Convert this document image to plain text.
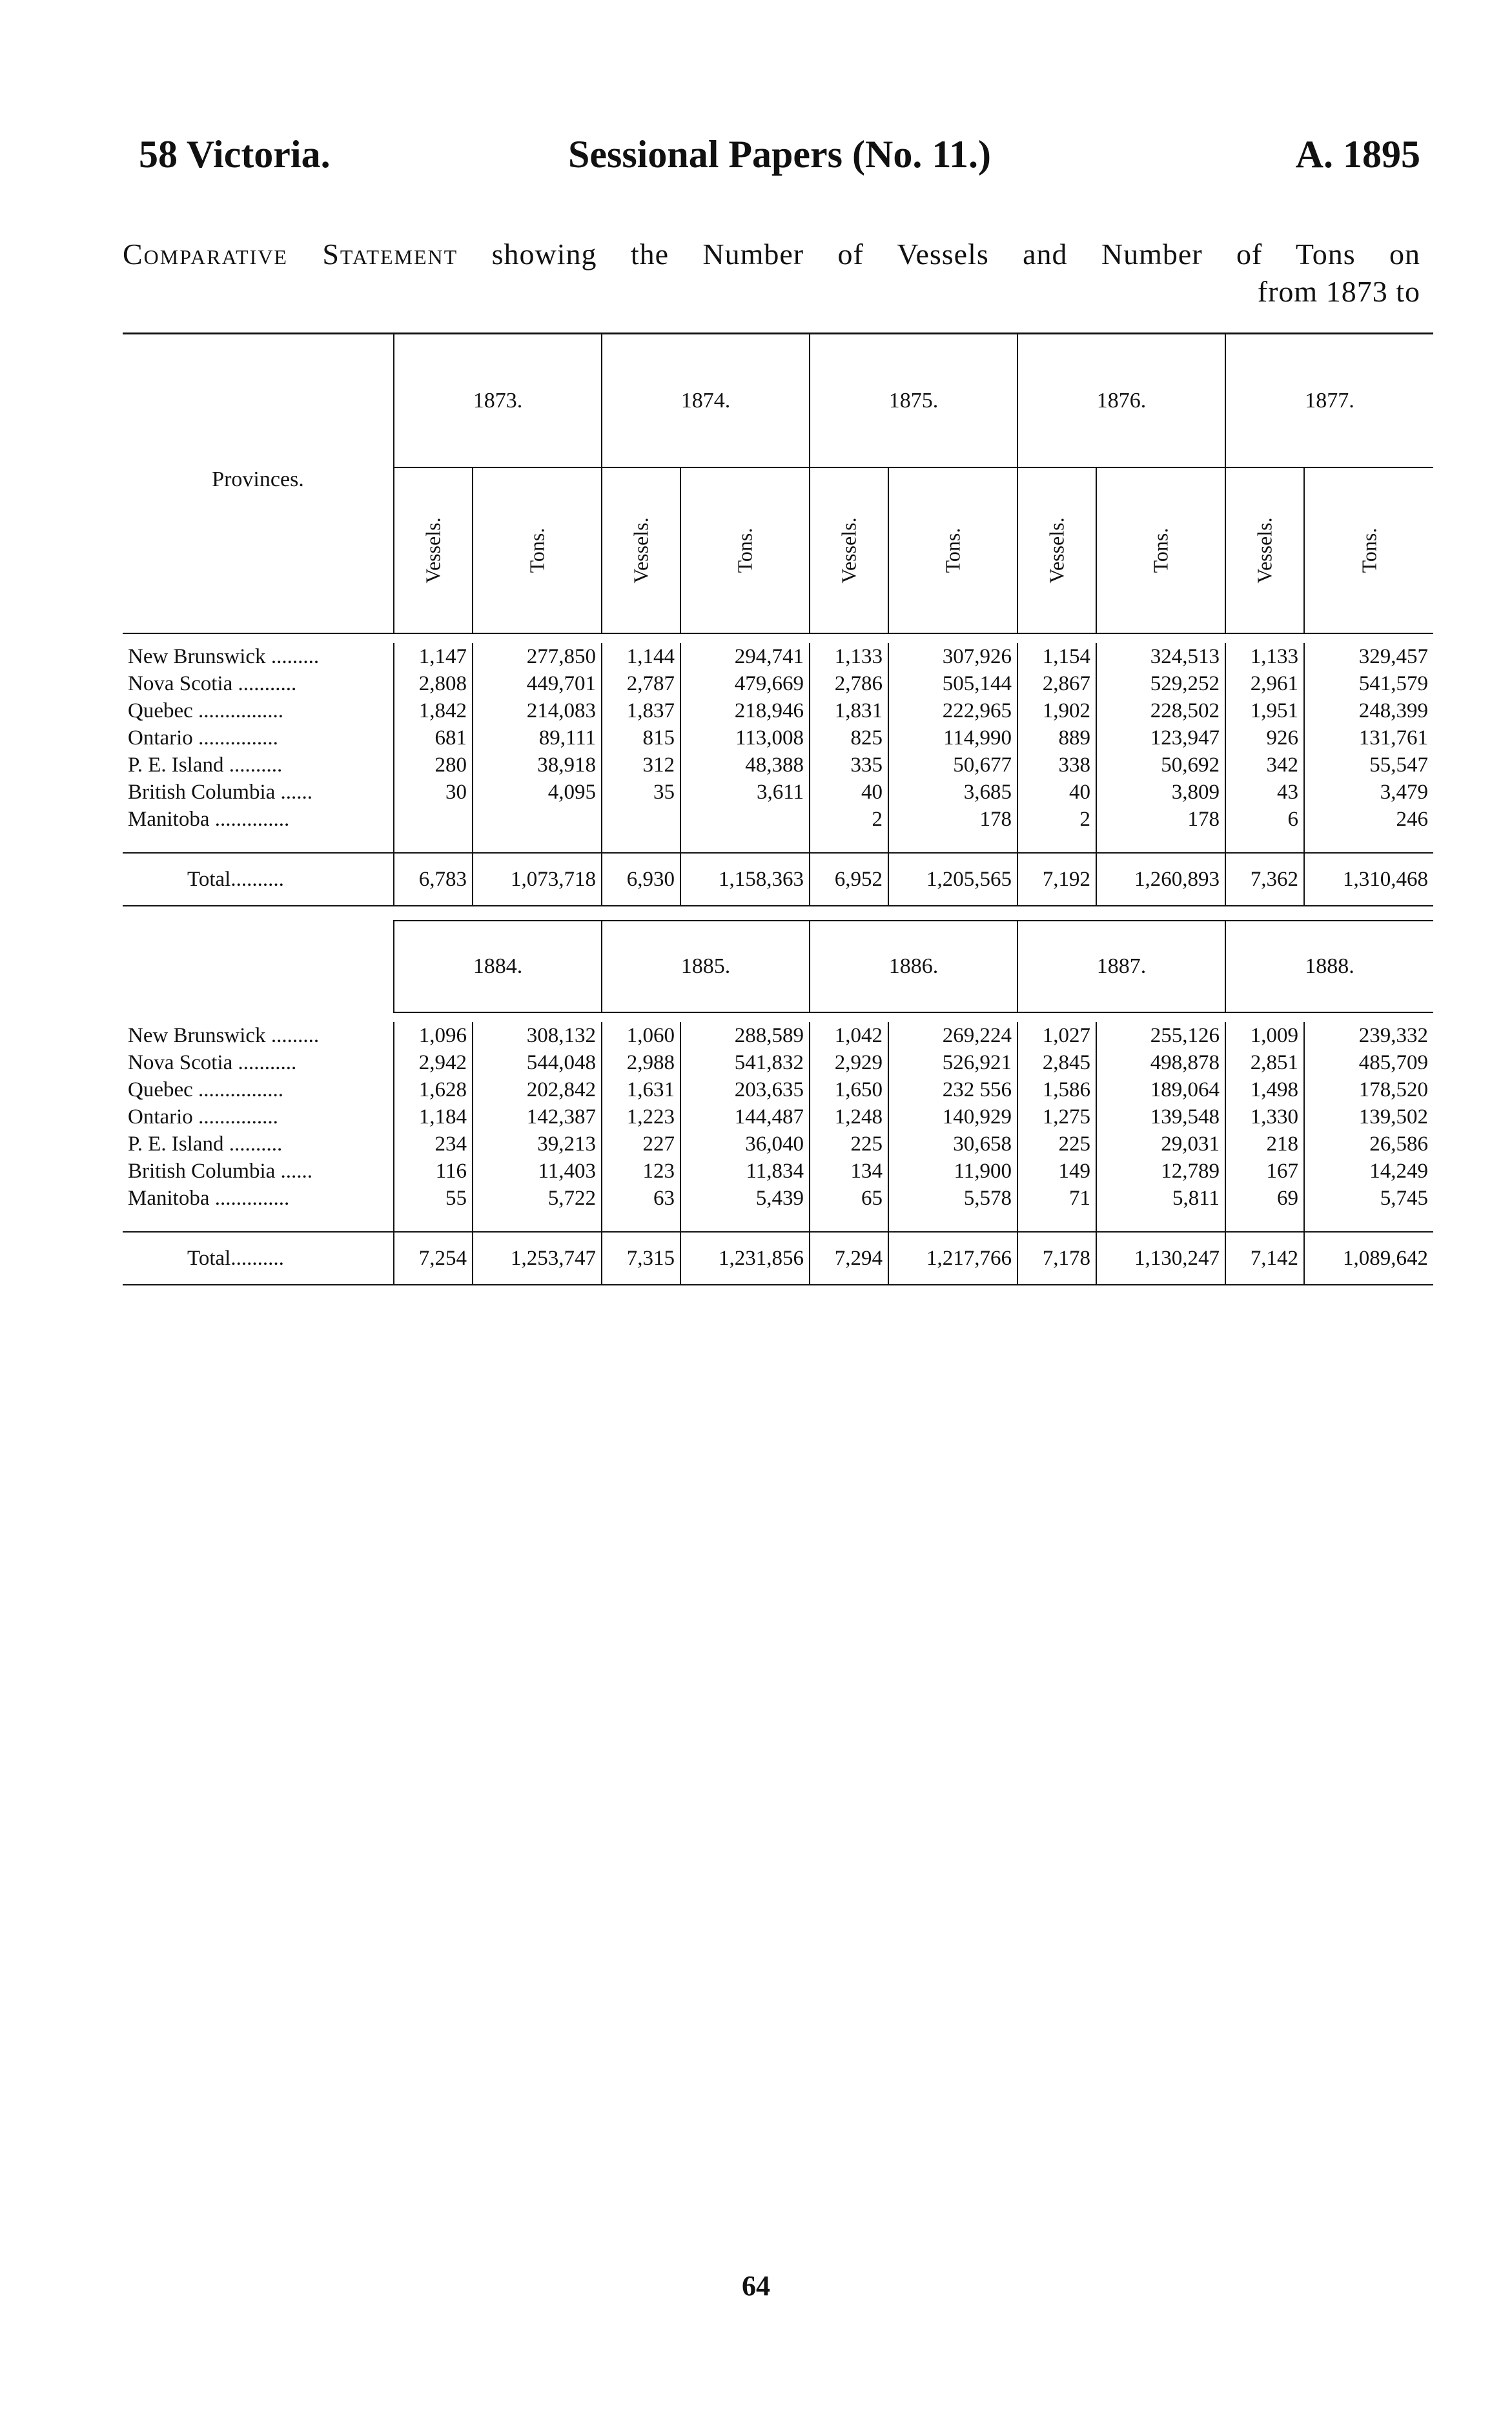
58 Victoria.	Sessional Papers (No. 11.)	A. 1895
Comparative Statement showing the Number of Vessels and Number of Tons on
from 1873 to
	1873.		1874.		1875.		1876.		1877.	
Provinces.	Vessels.	Tons.	Vessels.	Tons.	Vessels.	Tons.	Vessels.	Tons.	Vessels.	Tons.

New Brunswick .........	1,147	277,850	1,144	294,741	1,133	307,926	1,154	324,513	1,133	329,457
Nova Scotia ...........	2,808	449,701	2,787	479,669	2,786	505,144	2,867	529,252	2,961	541,579
Quebec ................	1,842	214,083	1,837	218,946	1,831	222,965	1,902	228,502	1,951	248,399
Ontario ...............	681	89,111	815	113,008	825	114,990	889	123,947	926	131,761
P. E. Island ..........	280	38,918	312	48,388	335	50,677	338	50,692	342	55,547
British Columbia ......	30	4,095	35	3,611	40	3,685	40	3,809	43	3,479
Manitoba ..............					2	178	2	178	6	246

Total..........	6,783	1,073,718	6,930	1,158,363	6,952	1,205,565	7,192	1,260,893	7,362	1,310,468
	1884.		1885.		1886.		1887.		1888.	

New Brunswick .........	1,096	308,132	1,060	288,589	1,042	269,224	1,027	255,126	1,009	239,332
Nova Scotia ...........	2,942	544,048	2,988	541,832	2,929	526,921	2,845	498,878	2,851	485,709
Quebec ................	1,628	202,842	1,631	203,635	1,650	232 556	1,586	189,064	1,498	178,520
Ontario ...............	1,184	142,387	1,223	144,487	1,248	140,929	1,275	139,548	1,330	139,502
P. E. Island ..........	234	39,213	227	36,040	225	30,658	225	29,031	218	26,586
British Columbia ......	116	11,403	123	11,834	134	11,900	149	12,789	167	14,249
Manitoba ..............	55	5,722	63	5,439	65	5,578	71	5,811	69	5,745

Total..........	7,254	1,253,747	7,315	1,231,856	7,294	1,217,766	7,178	1,130,247	7,142	1,089,642
64
